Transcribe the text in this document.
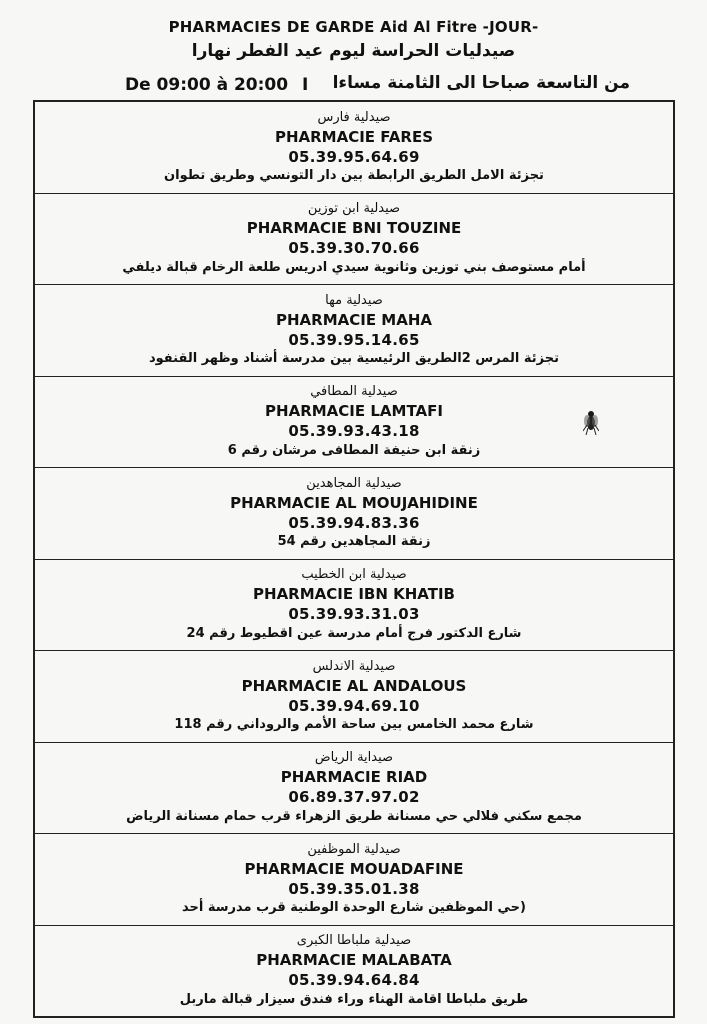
PHARMACIES DE GARDE Aid Al Fitre -JOUR-
صيدليات الحراسة ليوم عيد الفطر نهارا
De 09:00 à 20:00 I من التاسعة صباحا الى الثامنة مساءا
صيدلية فارس
PHARMACIE FARES
05.39.95.64.69
تجزئة الامل الطريق الرابطة بين دار التونسي وطريق تطوان
صيدلية ابن توزين
PHARMACIE BNI TOUZINE
05.39.30.70.66
أمام مستوصف بني توزين وثانوية سيدي ادريس طلعة الرخام قبالة ديلفي
صيدلية مها
PHARMACIE MAHA
05.39.95.14.65
تجزئة المرس 2الطريق الرئيسية بين مدرسة أشناد وظهر القنفود
صيدلية المطافي
PHARMACIE LAMTAFI
05.39.93.43.18
زنقة ابن حنيفة المطافى مرشان رقم 6
صيدلية المجاهدين
PHARMACIE AL MOUJAHIDINE
05.39.94.83.36
زنقة المجاهدين رقم 54
صيدلية ابن الخطيب
PHARMACIE IBN KHATIB
05.39.93.31.03
شارع الدكتور فرج أمام مدرسة عين اقطيوط رقم 24
صيدلية الاندلس
PHARMACIE AL ANDALOUS
05.39.94.69.10
شارع محمد الخامس بين ساحة الأمم والروداني رقم 118
صيداية الرياض
PHARMACIE RIAD
06.89.37.97.02
مجمع سكني فلالي حي مسنانة طريق الزهراء قرب حمام مسنانة الرياض
صيدلية الموظفين
PHARMACIE MOUADAFINE
05.39.35.01.38
(حي الموظفين شارع الوحدة الوطنية قرب مدرسة أحد
صيدلية ملباطا الكبرى
PHARMACIE MALABATA
05.39.94.64.84
طريق ملباطا اقامة الهناء وراء فندق سيزار قبالة ماربل
